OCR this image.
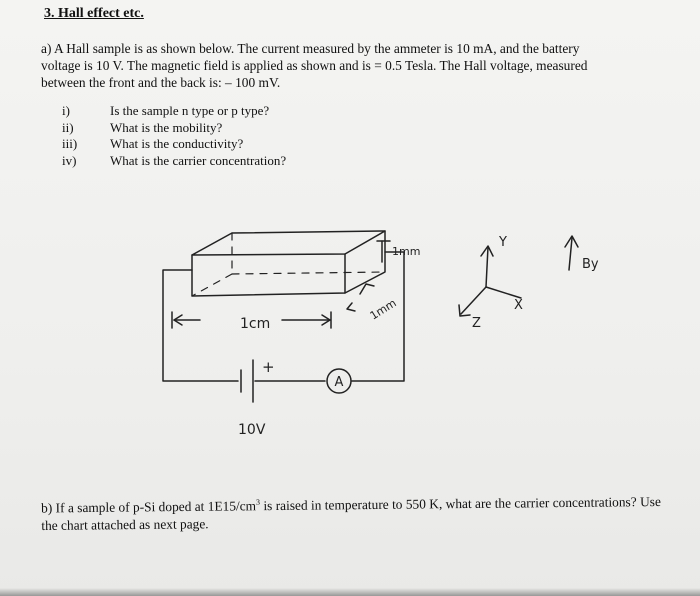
3. Hall effect etc.

a) A Hall sample is as shown below. The current measured by the ammeter is 10 mA, and the battery voltage is 10 V. The magnetic field is applied as shown and is = 0.5 Tesla. The Hall voltage, measured between the front and the back is: – 100 mV.

i)	Is the sample n type or p type?
ii)	What is the mobility?
iii)	What is the conductivity?
iv)	What is the carrier concentration?
1cm
1mm
1mm
+
10V
A
Y
X
Z
By

b) If a sample of p-Si doped at $1E15/cm^3$ is raised in temperature to 550 K, what are the carrier concentrations? Use the chart attached as next page.
